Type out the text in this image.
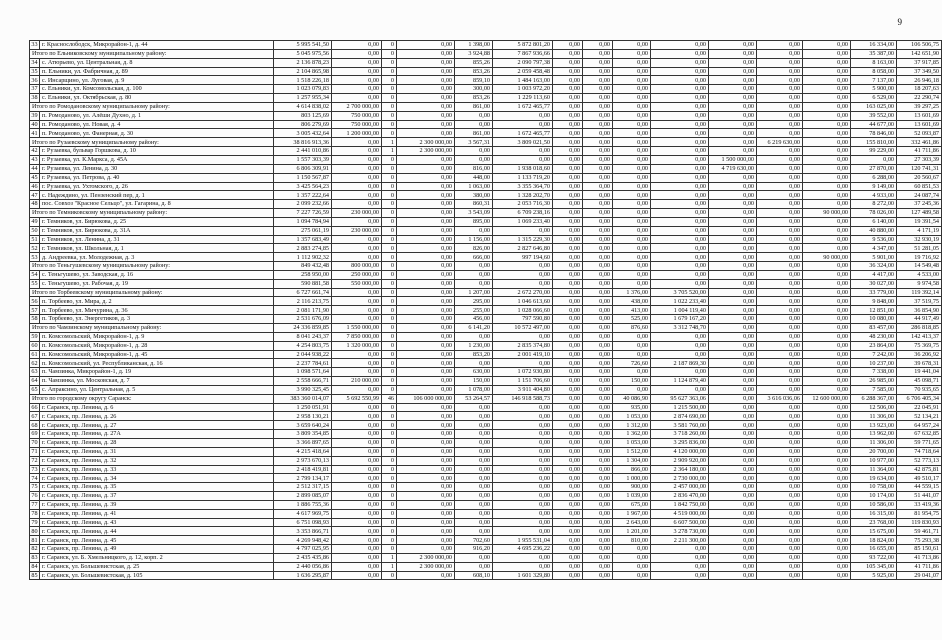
9
33	г. Краснослободск, Микрорайон-1, д. 44	5 995 541,50	0,00	0	0,00	1 398,00	5 872 801,20	0,00	0,00	0,00	0,00	0,00	0,00	0,00	16 334,00	106 506,75
Итого по Ельниковскому муниципальному району:		5 045 975,56	0,00	0	0,00	3 924,88	7 867 936,66	0,00	0,00	0,00	0,00	0,00	0,00	0,00	35 387,00	142 651,90
34	с. Атюрьево, ул. Центральная, д. 8	2 136 878,23	0,00	0	0,00	855,26	2 090 797,38	0,00	0,00	0,00	0,00	0,00	0,00	0,00	8 163,00	37 917,85
35	п. Ельники, ул. Фабричная, д. 89	2 104 865,98	0,00	0	0,00	853,26	2 059 458,48	0,00	0,00	0,00	0,00	0,00	0,00	0,00	8 058,00	37 349,50
36	с. Инсарщино, ул. Луговая, д. 9	1 518 226,18	0,00	0	0,00	859,10	1 484 163,00	0,00	0,00	0,00	0,00	0,00	0,00	0,00	7 137,00	26 946,18
37	с. Ельники, ул. Комсомольская, д. 100	1 023 079,83	0,00	0	0,00	300,00	1 003 972,20	0,00	0,00	0,00	0,00	0,00	0,00	0,00	5 900,00	18 207,63
38	с. Ельники, ул. Октябрьская, д. 80	1 257 955,34	0,00	0	0,00	853,26	1 229 113,60	0,00	0,00	0,00	0,00	0,00	0,00	0,00	6 529,00	22 290,74
Итого по Ромодановскому муниципальному району:		4 614 838,02	2 700 000,00	0	0,00	861,00	1 672 465,77	0,00	0,00	0,00	0,00	0,00	0,00	0,00	163 025,00	39 297,25
39	п. Ромоданово, ул. Алёши Духно, д. 1	803 125,69	750 000,00	0	0,00	0,00	0,00	0,00	0,00	0,00	0,00	0,00	0,00	0,00	39 552,00	13 601,69
40	п. Ромоданово, ул. Новая, д. 4	806 279,69	750 000,00	0	0,00	0,00	0,00	0,00	0,00	0,00	0,00	0,00	0,00	0,00	44 677,00	13 601,69
41	п. Ромоданово, ул. Фанерная, д. 30	3 005 432,64	1 200 000,00	0	0,00	861,00	1 672 465,77	0,00	0,00	0,00	0,00	0,00	0,00	0,00	78 846,00	52 093,87
Итого по Рузаевскому муниципальному району:		38 816 913,36	0,00	1	2 300 000,00	3 567,31	3 809 021,50	0,00	0,00	0,00	0,00	0,00	6 219 630,00	0,00	155 810,00	332 461,86
42	г. Рузаевка, бульвар Горшкова, д. 10	2 441 010,86	0,00	1	2 300 000,00	0,00	0,00	0,00	0,00	0,00	0,00	0,00	0,00	0,00	99 229,00	41 711,86
43	г. Рузаевка, ул. К.Маркса, д. 45А	1 557 303,39	0,00	0	0,00	0,00	0,00	0,00	0,00	0,00	0,00	1 500 000,00	0,00	0,00	0,00	27 303,39
44	г. Рузаевка, ул. Ленина, д. 30	6 806 309,91	0,00	0	0,00	816,00	1 938 018,60	0,00	0,00	0,00	0,00	4 719 630,00	0,00	0,00	27 870,00	120 741,31
45	г. Рузаевка, ул. Петрова, д. 40	1 150 567,87	0,00	0	0,00	448,00	1 133 719,20	0,00	0,00	0,00	0,00	0,00	0,00	0,00	6 288,00	20 560,67
46	г. Рузаевка, ул. Ухтомского, д. 26	3 425 564,23	0,00	0	0,00	1 063,00	3 355 364,70	0,00	0,00	0,00	0,00	0,00	0,00	0,00	9 149,00	60 851,53
47	с. Надеждино, ул. Пензенский пер, д. 1	1 357 222,64	0,00	0	0,00	380,00	1 328 202,70	0,00	0,00	0,00	0,00	0,00	0,00	0,00	4 933,00	24 087,74
48	пос. Совхоз "Красное Сельцо", ул. Гагарина, д. 8	2 099 232,66	0,00	0	0,00	860,31	2 053 716,30	0,00	0,00	0,00	0,00	0,00	0,00	0,00	8 272,00	37 245,36
Итого по Темниковскому муниципальному району:		7 227 726,59	230 000,00	0	0,00	3 543,09	6 709 238,16	0,00	0,00	0,00	0,00	0,00	0,00	90 000,00	78 026,00	127 489,58
49	г. Темников, ул. Бирюкова, д. 25	1 094 784,94	0,00	0	0,00	895,00	1 069 233,40	0,00	0,00	0,00	0,00	0,00	0,00	0,00	6 140,00	19 391,54
50	г. Темников, ул. Бирюкова, д. 31А	275 061,19	230 000,00	0	0,00	0,00	0,00	0,00	0,00	0,00	0,00	0,00	0,00	0,00	40 880,00	4 171,19
51	г. Темников, ул. Ленина, д. 31	1 357 683,49	0,00	0	0,00	1 156,00	1 315 229,30	0,00	0,00	0,00	0,00	0,00	0,00	0,00	9 536,00	32 930,19
52	г. Темников, ул. Школьная, д. 1	2 883 274,85	0,00	0	0,00	826,00	2 827 646,80	0,00	0,00	0,00	0,00	0,00	0,00	0,00	4 347,00	51 281,05
53	д. Андреевка, ул. Молодежная, д. 3	1 112 902,32	0,00	0	0,00	666,00	997 194,60	0,00	0,00	0,00	0,00	0,00	0,00	90 000,00	5 901,00	19 716,92
Итого по Теньгушевскому муниципальному району:		849 432,48	800 000,00	0	0,00	0,00	0,00	0,00	0,00	0,00	0,00	0,00	0,00	0,00	36 324,00	14 549,48
54	с. Теньгушево, ул. Заводская, д. 16	258 950,00	250 000,00	0	0,00	0,00	0,00	0,00	0,00	0,00	0,00	0,00	0,00	0,00	4 417,00	4 533,00
55	с. Теньгушево, ул. Рабочая, д. 19	590 881,58	550 000,00	0	0,00	0,00	0,00	0,00	0,00	0,00	0,00	0,00	0,00	0,00	30 027,00	9 974,58
Итого по Торбеевскому муниципальному району:		6 727 661,74	0,00	0	0,00	1 207,00	2 672 270,00	0,00	0,00	1 376,00	3 705 520,00	0,00	0,00	0,00	33 779,00	119 392,14
56	п. Торбеево, ул. Мира, д. 2	2 116 213,75	0,00	0	0,00	295,00	1 046 613,60	0,00	0,00	438,00	1 022 233,40	0,00	0,00	0,00	9 848,00	37 519,75
57	п. Торбеево, ул. Мичурина, д. 36	2 081 171,90	0,00	0	0,00	255,00	1 028 066,60	0,00	0,00	413,00	1 004 119,40	0,00	0,00	0,00	12 851,00	36 854,90
58	п. Торбеево, ул. Энергетиков, д. 3	2 531 676,09	0,00	0	0,00	456,00	797 590,80	0,00	0,00	525,00	1 679 167,20	0,00	0,00	0,00	10 080,00	44 917,49
Итого по Чамзинскому муниципальному району:		24 336 859,85	1 550 000,00	0	0,00	6 141,20	10 572 497,00	0,00	0,00	876,60	3 312 748,70	0,00	0,00	0,00	83 457,00	286 818,85
59	п. Комсомольский, Микрорайон-1, д. 9	8 041 243,37	7 850 000,00	0	0,00	0,00	0,00	0,00	0,00	0,00	0,00	0,00	0,00	0,00	48 230,00	142 413,37
60	п. Комсомольский, Микрорайон-1, д. 28	4 254 803,75	1 320 000,00	0	0,00	1 230,00	2 835 374,80	0,00	0,00	0,00	0,00	0,00	0,00	0,00	23 864,00	75 369,75
61	п. Комсомольский, Микрорайон-1, д. 45	2 044 938,22	0,00	0	0,00	853,20	2 001 419,10	0,00	0,00	0,00	0,00	0,00	0,00	0,00	7 242,00	36 206,92
62	п. Комсомольский, ул. Республиканская, д. 16	2 237 784,61	0,00	0	0,00	0,00	0,00	0,00	0,00	726,60	2 187 869,30	0,00	0,00	0,00	10 237,00	39 678,31
63	п. Чамзинка, Микрорайон-1, д. 19	1 098 571,64	0,00	0	0,00	630,00	1 072 930,80	0,00	0,00	0,00	0,00	0,00	0,00	0,00	7 338,00	19 441,04
64	п. Чамзинка, ул. Московская, д. 7	2 558 666,71	210 000,00	0	0,00	150,00	1 151 706,60	0,00	0,00	150,00	1 124 879,40	0,00	0,00	0,00	26 985,00	45 098,71
65	с. Апраксино, ул. Центральная, д. 5	3 990 325,45	0,00	0	0,00	1 078,00	3 911 404,80	0,00	0,00	0,00	0,00	0,00	0,00	0,00	7 585,00	70 935,65
Итого по городскому округу Саранск:		383 360 014,07	5 692 550,99	46	106 000 000,00	53 264,57	146 918 588,73	0,00	0,00	40 086,90	95 627 363,06	0,00	3 616 036,06	12 600 000,00	6 288 367,00	6 706 405,34
66	г. Саранск, пр. Ленина, д. 6	1 250 051,91	0,00	0	0,00	0,00	0,00	0,00	0,00	935,00	1 215 500,00	0,00	0,00	0,00	12 506,00	22 045,91
67	г. Саранск, пр. Ленина, д. 26	2 958 130,21	0,00	0	0,00	0,00	0,00	0,00	0,00	1 053,00	2 874 690,00	0,00	0,00	0,00	11 306,00	52 134,21
68	г. Саранск, пр. Ленина, д. 27	3 659 640,24	0,00	0	0,00	0,00	0,00	0,00	0,00	1 312,00	3 581 760,00	0,00	0,00	0,00	13 923,00	64 957,24
69	г. Саранск, пр. Ленина, д. 27А	3 809 354,85	0,00	0	0,00	0,00	0,00	0,00	0,00	1 362,00	3 718 260,00	0,00	0,00	0,00	13 962,00	67 632,85
70	г. Саранск, пр. Ленина, д. 28	3 366 897,65	0,00	0	0,00	0,00	0,00	0,00	0,00	1 053,00	3 295 836,00	0,00	0,00	0,00	11 306,00	59 771,65
71	г. Саранск, пр. Ленина, д. 31	4 215 418,64	0,00	0	0,00	0,00	0,00	0,00	0,00	1 512,00	4 120 000,00	0,00	0,00	0,00	20 700,00	74 718,64
72	г. Саранск, пр. Ленина, д. 32	2 973 670,13	0,00	0	0,00	0,00	0,00	0,00	0,00	1 304,00	2 909 920,00	0,00	0,00	0,00	10 977,00	52 773,13
73	г. Саранск, пр. Ленина, д. 33	2 418 419,81	0,00	0	0,00	0,00	0,00	0,00	0,00	866,00	2 364 180,00	0,00	0,00	0,00	11 364,00	42 875,81
74	г. Саранск, пр. Ленина, д. 34	2 799 134,17	0,00	0	0,00	0,00	0,00	0,00	0,00	1 000,00	2 730 000,00	0,00	0,00	0,00	19 634,00	49 510,17
75	г. Саранск, пр. Ленина, д. 35	2 512 317,15	0,00	0	0,00	0,00	0,00	0,00	0,00	900,00	2 457 000,00	0,00	0,00	0,00	10 758,00	44 559,15
76	г. Саранск, пр. Ленина, д. 37	2 899 085,07	0,00	0	0,00	0,00	0,00	0,00	0,00	1 039,00	2 836 470,00	0,00	0,00	0,00	10 174,00	51 441,07
77	г. Саранск, пр. Ленина, д. 39	1 886 755,36	0,00	0	0,00	0,00	0,00	0,00	0,00	675,00	1 842 750,00	0,00	0,00	0,00	10 586,00	33 419,36
78	г. Саранск, пр. Ленина, д. 41	4 617 969,75	0,00	0	0,00	0,00	0,00	0,00	0,00	1 967,00	4 519 000,00	0,00	0,00	0,00	16 315,00	81 954,75
79	г. Саранск, пр. Ленина, д. 43	6 751 098,93	0,00	0	0,00	0,00	0,00	0,00	0,00	2 643,00	6 607 500,00	0,00	0,00	0,00	23 768,00	119 830,93
80	г. Саранск, пр. Ленина, д. 44	3 353 866,71	0,00	0	0,00	0,00	0,00	0,00	0,00	1 201,00	3 278 730,00	0,00	0,00	0,00	15 675,00	59 461,71
81	г. Саранск, пр. Ленина, д. 45	4 269 948,42	0,00	0	0,00	702,60	1 955 531,04	0,00	0,00	810,00	2 211 300,00	0,00	0,00	0,00	18 824,00	75 293,38
82	г. Саранск, пр. Ленина, д. 49	4 797 025,95	0,00	0	0,00	916,20	4 695 236,22	0,00	0,00	0,00	0,00	0,00	0,00	0,00	16 655,00	85 150,61
83	г. Саранск, ул. Б. Хмельницкого, д. 12, корп. 2	2 435 435,86	0,00	1	2 300 000,00	0,00	0,00	0,00	0,00	0,00	0,00	0,00	0,00	0,00	93 722,00	41 713,86
84	г. Саранск, ул. Большевистская, д. 25	2 440 056,86	0,00	1	2 300 000,00	0,00	0,00	0,00	0,00	0,00	0,00	0,00	0,00	0,00	105 345,00	41 711,86
85	г. Саранск, ул. Большевистская, д. 105	1 636 295,87	0,00	0	0,00	608,10	1 601 329,80	0,00	0,00	0,00	0,00	0,00	0,00	0,00	5 925,00	29 041,07
